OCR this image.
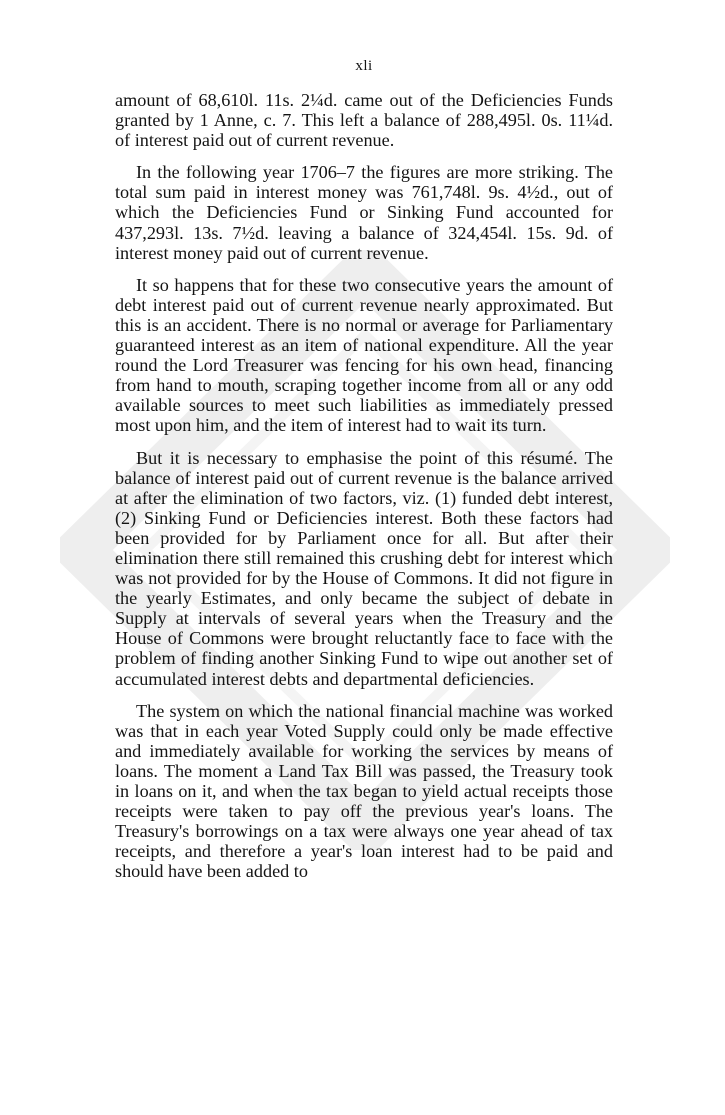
xli

amount of 68,610l. 11s. 2¼d. came out of the Deficiencies Funds granted by 1 Anne, c. 7. This left a balance of 288,495l. 0s. 11¼d. of interest paid out of current revenue.

In the following year 1706–7 the figures are more striking. The total sum paid in interest money was 761,748l. 9s. 4½d., out of which the Deficiencies Fund or Sinking Fund accounted for 437,293l. 13s. 7½d. leaving a balance of 324,454l. 15s. 9d. of interest money paid out of current revenue.

It so happens that for these two consecutive years the amount of debt interest paid out of current revenue nearly approximated. But this is an accident. There is no normal or average for Parliamentary guaranteed interest as an item of national expenditure. All the year round the Lord Treasurer was fencing for his own head, financing from hand to mouth, scraping together income from all or any odd available sources to meet such liabilities as immediately pressed most upon him, and the item of interest had to wait its turn.

But it is necessary to emphasise the point of this résumé. The balance of interest paid out of current revenue is the balance arrived at after the elimination of two factors, viz. (1) funded debt interest, (2) Sinking Fund or Deficiencies interest. Both these factors had been provided for by Parliament once for all. But after their elimination there still remained this crushing debt for interest which was not provided for by the House of Commons. It did not figure in the yearly Estimates, and only became the subject of debate in Supply at intervals of several years when the Treasury and the House of Commons were brought reluctantly face to face with the problem of finding another Sinking Fund to wipe out another set of accumulated interest debts and departmental deficiencies.

The system on which the national financial machine was worked was that in each year Voted Supply could only be made effective and immediately available for working the services by means of loans. The moment a Land Tax Bill was passed, the Treasury took in loans on it, and when the tax began to yield actual receipts those receipts were taken to pay off the previous year's loans. The Treasury's borrowings on a tax were always one year ahead of tax receipts, and therefore a year's loan interest had to be paid and should have been added to
